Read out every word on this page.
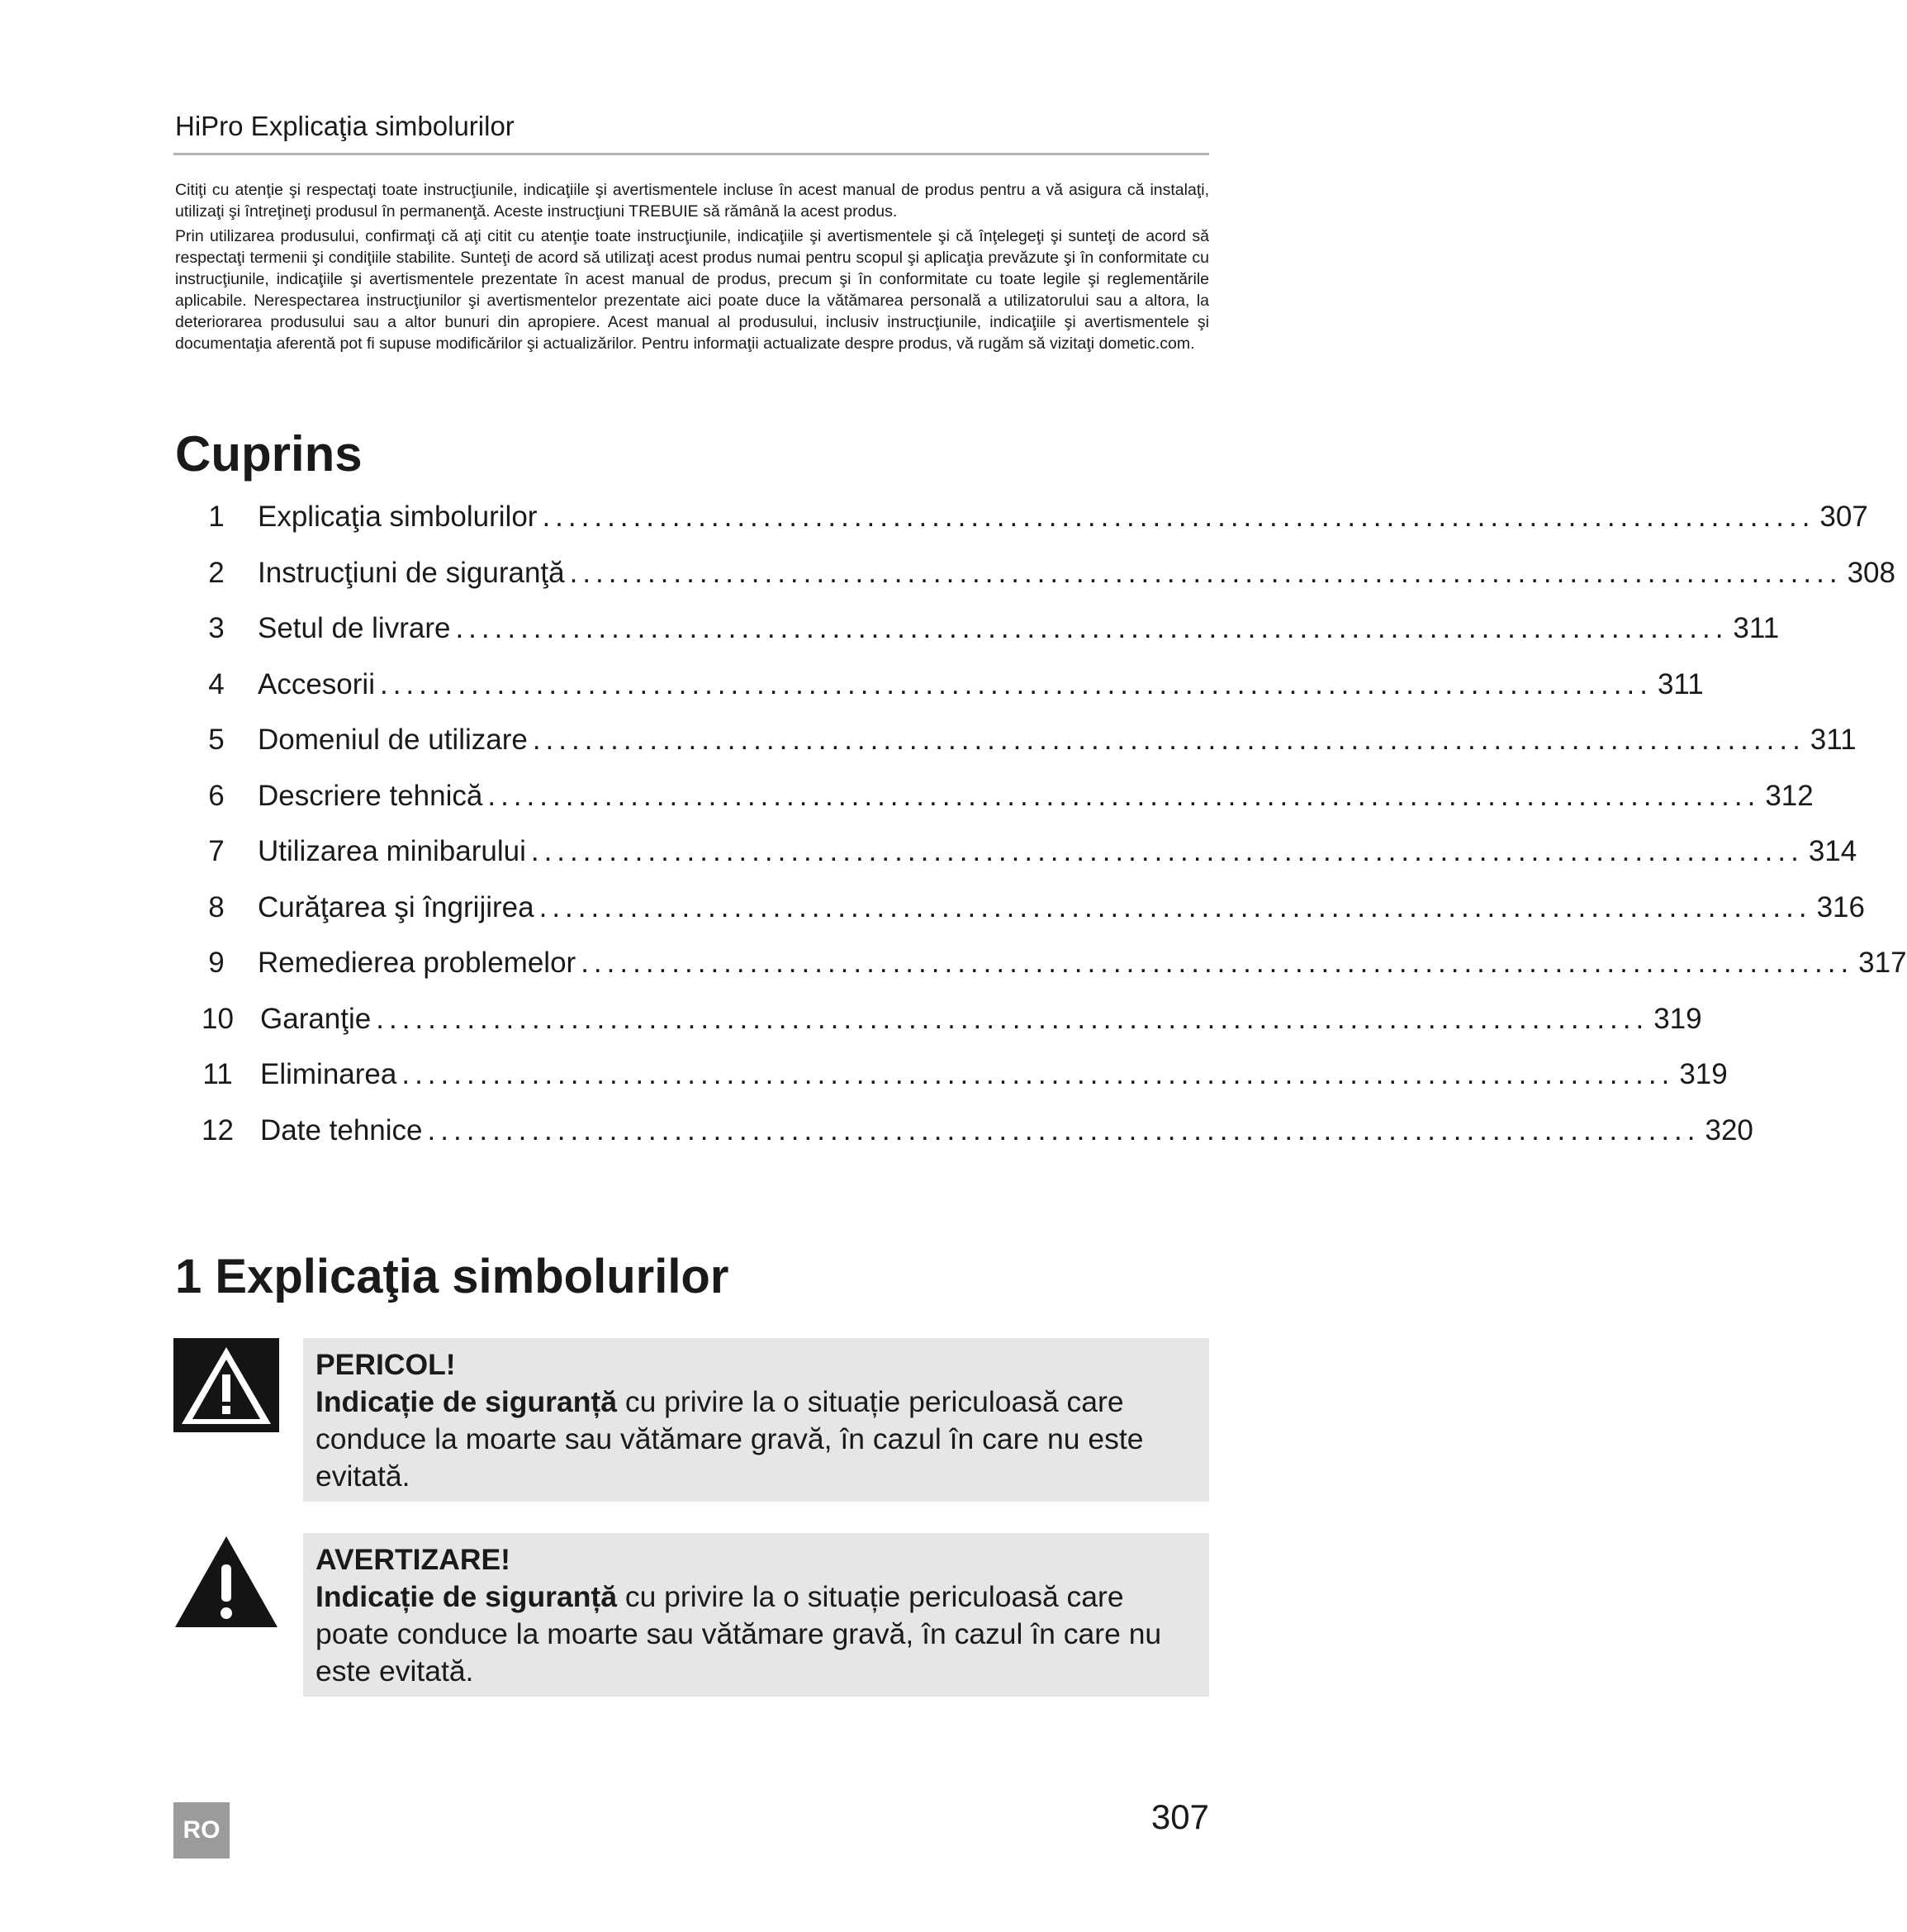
HiPro Explicaţia simbolurilor

Citiţi cu atenţie şi respectaţi toate instrucţiunile, indicaţiile şi avertismentele incluse în acest manual de produs pentru a vă asigura că instalaţi, utilizaţi şi întreţineţi produsul în permanenţă. Aceste instrucţiuni TREBUIE să rămână la acest produs.

Prin utilizarea produsului, confirmaţi că aţi citit cu atenţie toate instrucţiunile, indicaţiile şi avertismentele şi că înţelegeţi şi sunteţi de acord să respectaţi termenii şi condiţiile stabilite. Sunteţi de acord să utilizaţi acest produs numai pentru scopul şi aplicaţia prevăzute şi în conformitate cu instrucţiunile, indicaţiile şi avertismentele prezentate în acest manual de produs, precum şi în conformitate cu toate legile şi reglementările aplicabile. Nerespectarea instrucţiunilor şi avertismentelor prezentate aici poate duce la vătămarea personală a utilizatorului sau a altora, la deteriorarea produsului sau a altor bunuri din apropiere. Acest manual al produsului, inclusiv instrucţiunile, indicaţiile şi avertismentele şi documentaţia aferentă pot fi supuse modificărilor şi actualizărilor. Pentru informaţii actualizate despre produs, vă rugăm să vizitaţi dometic.com.

Cuprins
1	Explicaţia simbolurilor .................................................................................................. 307
2	Instrucţiuni de siguranţă .................................................................................................. 308
3	Setul de livrare .................................................................................................. 311
4	Accesorii .................................................................................................. 311
5	Domeniul de utilizare .................................................................................................. 311
6	Descriere tehnică .................................................................................................. 312
7	Utilizarea minibarului .................................................................................................. 314
8	Curăţarea şi îngrijirea .................................................................................................. 316
9	Remedierea problemelor .................................................................................................. 317
10 Garanţie .................................................................................................. 319
11 Eliminarea .................................................................................................. 319
12 Date tehnice .................................................................................................. 320
1 Explicaţia simbolurilor
PERICOL!
Indicație de siguranță cu privire la o situație periculoasă care conduce la moarte sau vătămare gravă, în cazul în care nu este evitată.
AVERTIZARE!
Indicație de siguranță cu privire la o situație periculoasă care poate conduce la moarte sau vătămare gravă, în cazul în care nu este evitată.
RO	307
